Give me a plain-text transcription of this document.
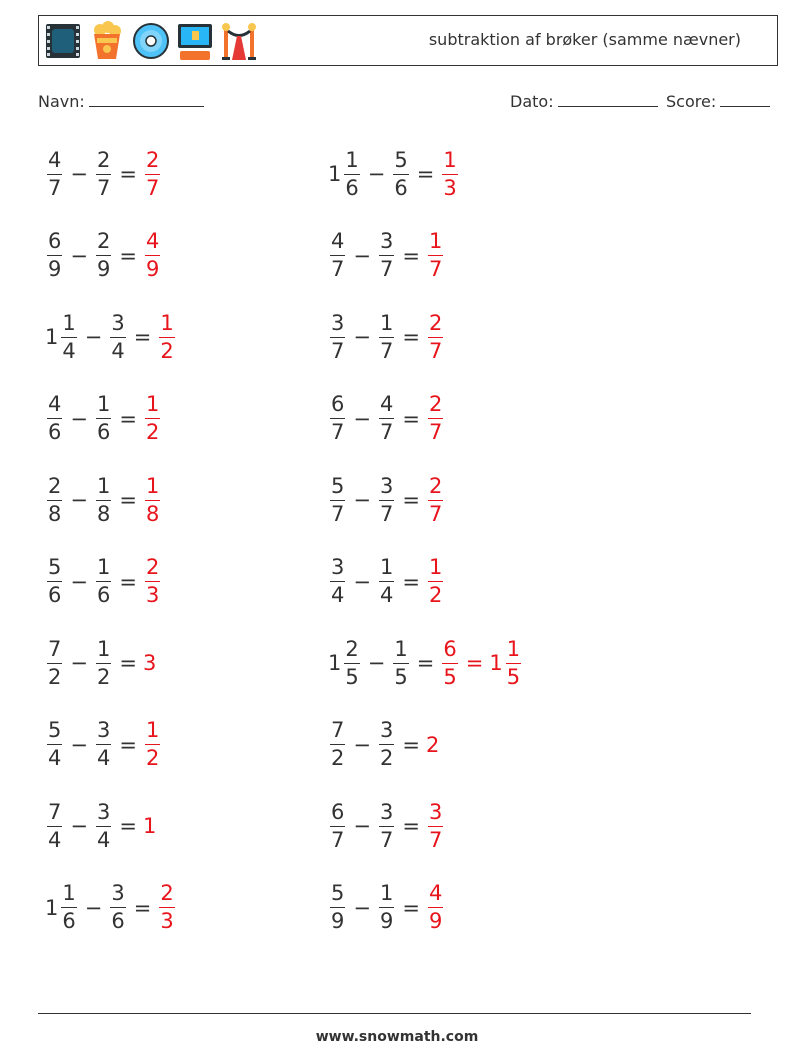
subtraktion af brøker (samme nævner)
Navn:	Dato:	Score:
$\frac{4}{7} - \frac{2}{7} = \frac{2}{7}$	$1 \frac{1}{6} - \frac{5}{6} = \frac{1}{3}$
$\frac{6}{9} - \frac{2}{9} = \frac{4}{9}$	$\frac{4}{7} - \frac{3}{7} = \frac{1}{7}$
$1 \frac{1}{4} - \frac{3}{4} = \frac{1}{2}$	$\frac{3}{7} - \frac{1}{7} = \frac{2}{7}$
$\frac{4}{6} - \frac{1}{6} = \frac{1}{2}$	$\frac{6}{7} - \frac{4}{7} = \frac{2}{7}$
$\frac{2}{8} - \frac{1}{8} = \frac{1}{8}$	$\frac{5}{7} - \frac{3}{7} = \frac{2}{7}$
$\frac{5}{6} - \frac{1}{6} = \frac{2}{3}$	$\frac{3}{4} - \frac{1}{4} = \frac{1}{2}$
$\frac{7}{2} - \frac{1}{2} = 3$	$1 \frac{2}{5} - \frac{1}{5} = \frac{6}{5} = 1 \frac{1}{5}$
$\frac{5}{4} - \frac{3}{4} = \frac{1}{2}$	$\frac{7}{2} - \frac{3}{2} = 2$
$\frac{7}{4} - \frac{3}{4} = 1$	$\frac{6}{7} - \frac{3}{7} = \frac{3}{7}$
$1 \frac{1}{6} - \frac{3}{6} = \frac{2}{3}$	$\frac{5}{9} - \frac{1}{9} = \frac{4}{9}$
www.snowmath.com
